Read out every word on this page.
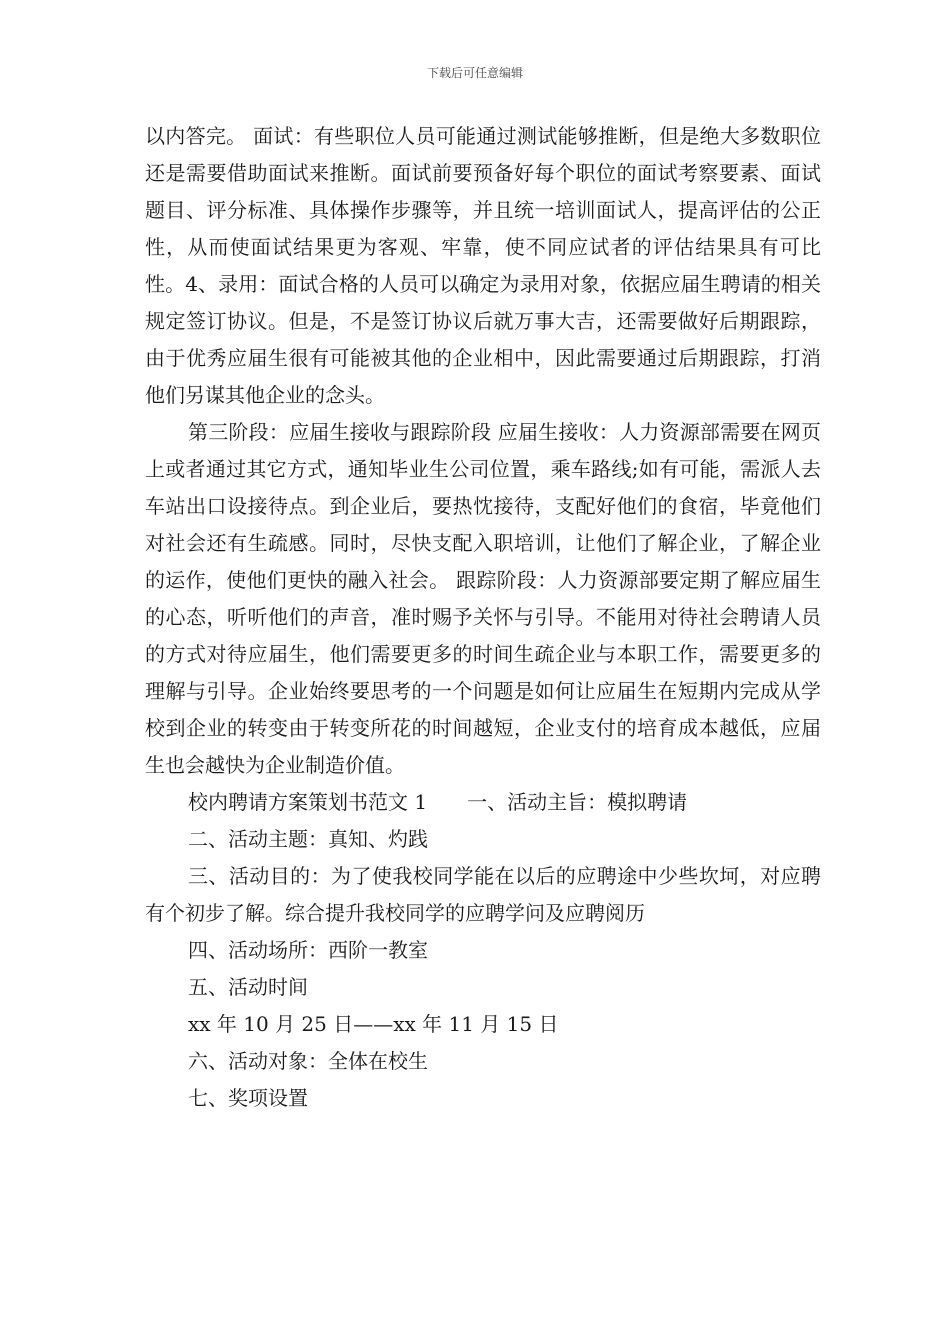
下载后可任意编辑

以内答完。 面试：有些职位人员可能通过测试能够推断，但是绝大多数职位还是需要借助面试来推断。面试前要预备好每个职位的面试考察要素、面试题目、评分标准、具体操作步骤等，并且统一培训面试人，提高评估的公正性，从而使面试结果更为客观、牢靠，使不同应试者的评估结果具有可比性。4、录用：面试合格的人员可以确定为录用对象，依据应届生聘请的相关规定签订协议。但是，不是签订协议后就万事大吉，还需要做好后期跟踪，由于优秀应届生很有可能被其他的企业相中，因此需要通过后期跟踪，打消他们另谋其他企业的念头。

第三阶段：应届生接收与跟踪阶段 应届生接收：人力资源部需要在网页上或者通过其它方式，通知毕业生公司位置，乘车路线;如有可能，需派人去车站出口设接待点。到企业后，要热忱接待，支配好他们的食宿，毕竟他们对社会还有生疏感。同时，尽快支配入职培训，让他们了解企业，了解企业的运作，使他们更快的融入社会。 跟踪阶段：人力资源部要定期了解应届生的心态，听听他们的声音，准时赐予关怀与引导。不能用对待社会聘请人员的方式对待应届生，他们需要更多的时间生疏企业与本职工作，需要更多的理解与引导。企业始终要思考的一个问题是如何让应届生在短期内完成从学校到企业的转变由于转变所花的时间越短，企业支付的培育成本越低，应届生也会越快为企业制造价值。

校内聘请方案策划书范文 1 一、活动主旨：模拟聘请

二、活动主题：真知、灼践

三、活动目的：为了使我校同学能在以后的应聘途中少些坎坷，对应聘有个初步了解。综合提升我校同学的应聘学问及应聘阅历

四、活动场所：西阶一教室

五、活动时间

xx 年 10 月 25 日——xx 年 11 月 15 日

六、活动对象：全体在校生

七、奖项设置
